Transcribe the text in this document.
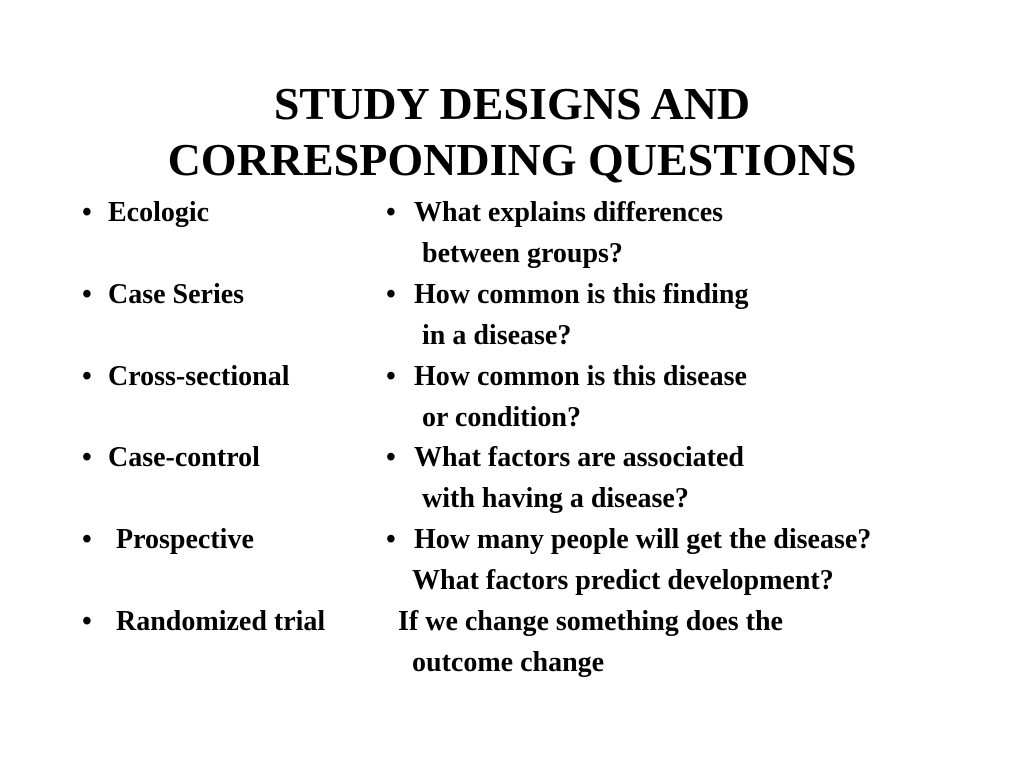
STUDY DESIGNS AND
CORRESPONDING QUESTIONS
• Ecologic	• What explains differences
between groups?
• Case Series	• How common is this finding
in a disease?
• Cross-sectional	• How common is this disease
or condition?
• Case-control	• What factors are associated
with having a disease?
• Prospective	• How many people will get the disease?
What factors predict development?
• Randomized trial	If we change something does the
outcome change
